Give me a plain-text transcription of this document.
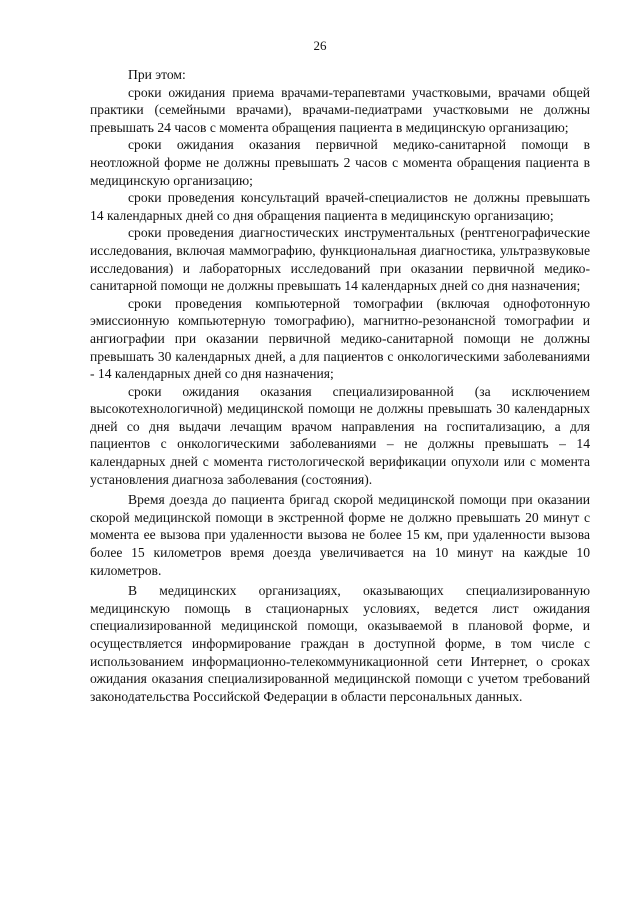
26

При этом:

сроки ожидания приема врачами-терапевтами участковыми, врачами общей практики (семейными врачами), врачами-педиатрами участковыми не должны превышать 24 часов с момента обращения пациента в медицинскую организацию;

сроки ожидания оказания первичной медико-санитарной помощи в неотложной форме не должны превышать 2 часов с момента обращения пациента в медицинскую организацию;

сроки проведения консультаций врачей-специалистов не должны превышать 14 календарных дней со дня обращения пациента в медицинскую организацию;

сроки проведения диагностических инструментальных (рентгенографические исследования, включая маммографию, функциональная диагностика, ультразвуковые исследования) и лабораторных исследований при оказании первичной медико-санитарной помощи не должны превышать 14 календарных дней со дня назначения;

сроки проведения компьютерной томографии (включая однофотонную эмиссионную компьютерную томографию), магнитно-резонансной томографии и ангиографии при оказании первичной медико-санитарной помощи не должны превышать 30 календарных дней, а для пациентов с онкологическими заболеваниями - 14 календарных дней со дня назначения;

сроки ожидания оказания специализированной (за исключением высокотехнологичной) медицинской помощи не должны превышать 30 календарных дней со дня выдачи лечащим врачом направления на госпитализацию, а для пациентов с онкологическими заболеваниями – не должны превышать – 14 календарных дней с момента гистологической верификации опухоли или с момента установления диагноза заболевания (состояния).

Время доезда до пациента бригад скорой медицинской помощи при оказании скорой медицинской помощи в экстренной форме не должно превышать 20 минут с момента ее вызова при удаленности вызова не более 15 км, при удаленности вызова более 15 километров время доезда увеличивается на 10 минут на каждые 10 километров.

В медицинских организациях, оказывающих специализированную медицинскую помощь в стационарных условиях, ведется лист ожидания специализированной медицинской помощи, оказываемой в плановой форме, и осуществляется информирование граждан в доступной форме, в том числе с использованием информационно-телекоммуникационной сети Интернет, о сроках ожидания оказания специализированной медицинской помощи с учетом требований законодательства Российской Федерации в области персональных данных.
